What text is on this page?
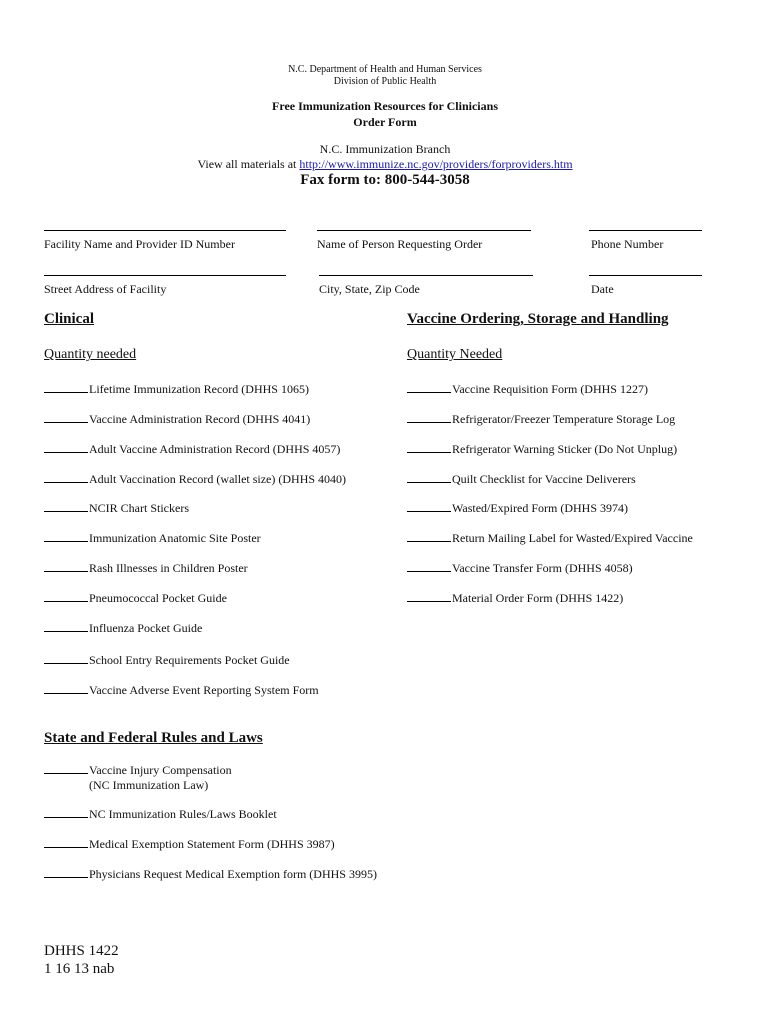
N.C. Department of Health and Human Services
Division of Public Health
Free Immunization Resources for Clinicians
Order Form
N.C. Immunization Branch
View all materials at http://www.immunize.nc.gov/providers/forproviders.htm
Fax form to: 800-544-3058
Facility Name and Provider ID Number	Name of Person Requesting Order	Phone Number
Street Address of Facility	City, State, Zip Code	Date
Clinical	Vaccine Ordering, Storage and Handling
Quantity needed	Quantity Needed
Lifetime Immunization Record (DHHS 1065)
Vaccine Administration Record (DHHS 4041)
Adult Vaccine Administration Record (DHHS 4057)
Adult Vaccination Record (wallet size) (DHHS 4040)
NCIR Chart Stickers
Immunization Anatomic Site Poster
Rash Illnesses in Children Poster
Pneumococcal Pocket Guide
Influenza Pocket Guide
School Entry Requirements Pocket Guide
Vaccine Adverse Event Reporting System Form
Vaccine Requisition Form (DHHS 1227)
Refrigerator/Freezer Temperature Storage Log
Refrigerator Warning Sticker (Do Not Unplug)
Quilt Checklist for Vaccine Deliverers
Wasted/Expired Form (DHHS 3974)
Return Mailing Label for Wasted/Expired Vaccine
Vaccine Transfer Form (DHHS 4058)
Material Order Form (DHHS 1422)
State and Federal Rules and Laws
Vaccine Injury Compensation
(NC Immunization Law)
NC Immunization Rules/Laws Booklet
Medical Exemption Statement Form (DHHS 3987)
Physicians Request Medical Exemption form (DHHS 3995)
DHHS 1422
1 16 13 nab
